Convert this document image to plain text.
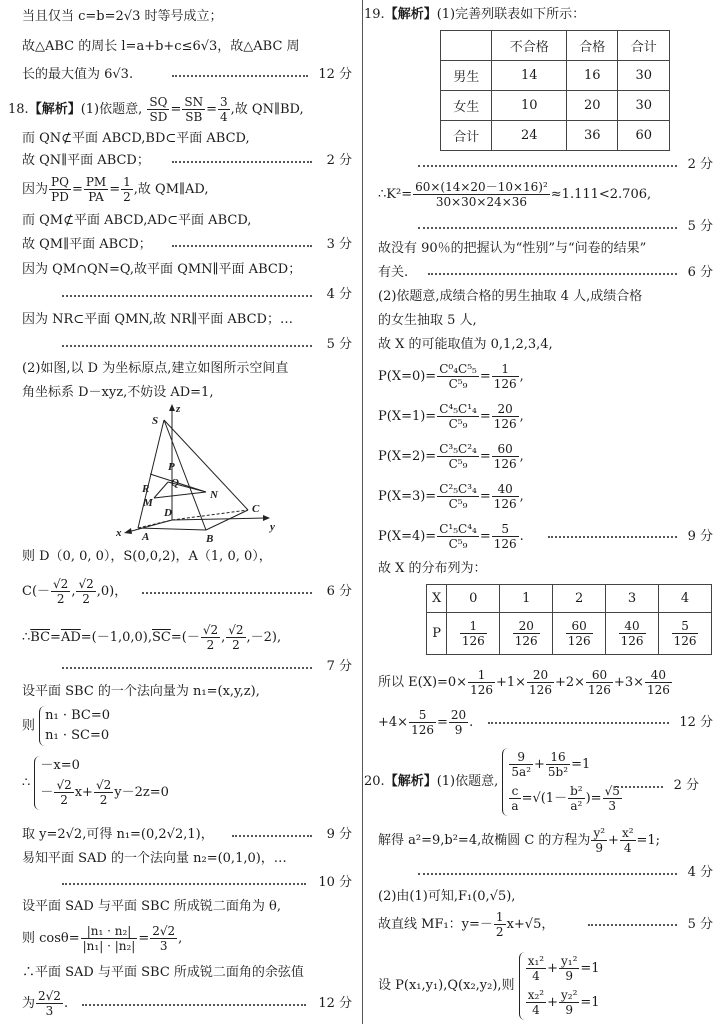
当且仅当 c=b=2√3 时等号成立；
故△ABC 的周长 l=a+b+c≤6√3，故△ABC 周
长的最大值为 6√3.	12 分
18.【解析】(1)依题意, $\frac{SQ}{SD} = \frac{SN}{SB} = \frac{3}{4}$ ,故 QN∥BD,
而 QN⊄平面 ABCD,BD⊂平面 ABCD,
故 QN∥平面 ABCD；	2 分
因为 $\frac{PQ}{PD} = \frac{PM}{PA} = \frac{1}{2}$ ,故 QM∥AD,
而 QM⊄平面 ABCD,AD⊂平面 ABCD,
故 QM∥平面 ABCD；	3 分
因为 QM∩QN=Q,故平面 QMN∥平面 ABCD；
4 分
因为 NR⊂平面 QMN,故 NR∥平面 ABCD；…
5 分
(2)如图,以 D 为坐标原点,建立如图所示空间直
角坐标系 D－xyz,不妨设 AD=1,
z
S
P
Q
R	N
M
D	C
y
x A	B
则 D（0, 0, 0），S(0,0,2)，A（1, 0, 0），
$C(- \frac{√2}{2}$ , $\frac{√2}{2} ,0$)，	6 分
$\therefore\overline{BC}=\overline{AD}=(-1,0,0),\overline{SC}=(- \frac{√2}{2}$ , $\frac{√2}{2} ,-2$),
7 分
设平面 SBC 的一个法向量为 n₁=(x,y,z),
则
n₁ · BC=0
n₁ · SC=0
∴
－x=0
－ $\frac{√2}{2} x+ \frac{√2}{2} y-2z=0$
取 y=2√2,可得 n₁=(0,2√2,1)，	9 分
易知平面 SAD 的一个法向量 n₂=(0,1,0)，…
10 分
设平面 SAD 与平面 SBC 所成锐二面角为 θ,
则 $\cos\theta= \frac{\text{|n₁ · n₂|}}{\text{|n₁| · |n₂|}} = \frac{2√2}{3}$ ,
∴平面 SAD 与平面 SBC 所成锐二面角的余弦值
为 $\frac{2√2}{3}$ .	12 分
19.【解析】(1)完善列联表如下所示：
	不合格	合格	合计
男生	14	16	30
女生	10	20	30
合计	24	36	60
2 分
∴K²= $\frac{\text{60×(14×20－10×16)²}}{30\times 30\times 24\times 36} \approx 1.111<2.706$,
5 分
故没有 90％的把握认为“性别”与“问卷的结果”
有关.	6 分
(2)依题意,成绩合格的男生抽取 4 人,成绩合格
的女生抽取 5 人,
故 X 的可能取值为 0,1,2,3,4,
$P(X=0)= \frac{\text{C⁰₄C⁵₅}}{\text{C⁵₉}} = \frac{1}{126}$ ,
$P(X=1)= \frac{\text{C⁴₅C¹₄}}{\text{C⁵₉}} = \frac{20}{126}$ ,
$P(X=2)= \frac{\text{C³₅C²₄}}{\text{C⁵₉}} = \frac{60}{126}$ ,
$P(X=3)= \frac{\text{C²₅C³₄}}{\text{C⁵₉}} = \frac{40}{126}$ ,
$P(X=4)= \frac{\text{C¹₅C⁴₄}}{\text{C⁵₉}} = \frac{5}{126}$ .	9 分
故 X 的分布列为：
X	0	1	2	3	4
P	$\frac{1}{126}$	$\frac{20}{126}$	$\frac{60}{126}$	$\frac{40}{126}$	$\frac{5}{126}$
所以 $E(X)=0\times \frac{1}{126} +1\times \frac{20}{126} +2\times \frac{60}{126} +3\times \frac{40}{126}$
$+4\times \frac{5}{126} = \frac{20}{9}$ .	12 分
20.【解析】(1)依题意,
$\frac{9}{\text{5a²}} + \frac{16}{\text{5b²}} =1$
$\frac{c}{a} =√(1- \frac{\text{b²}}{\text{a²}}$ )= $\frac{√5}{3}$	2 分
解得 a²=9,b²=4,故椭圆 C 的方程为 $\frac{\text{y²}}{9} + \frac{\text{x²}}{4} =1$;
4 分
(2)由(1)可知,F₁(0,√5),
故直线 MF₁：$y=- \frac{1}{2} x+√5$，	5 分
设 P(x₁,y₁),Q(x₂,y₂),则
$\frac{\text{x₁²}}{4} + \frac{\text{y₁²}}{9} =1$
$\frac{\text{x₂²}}{4} + \frac{\text{y₂²}}{9} =1$
